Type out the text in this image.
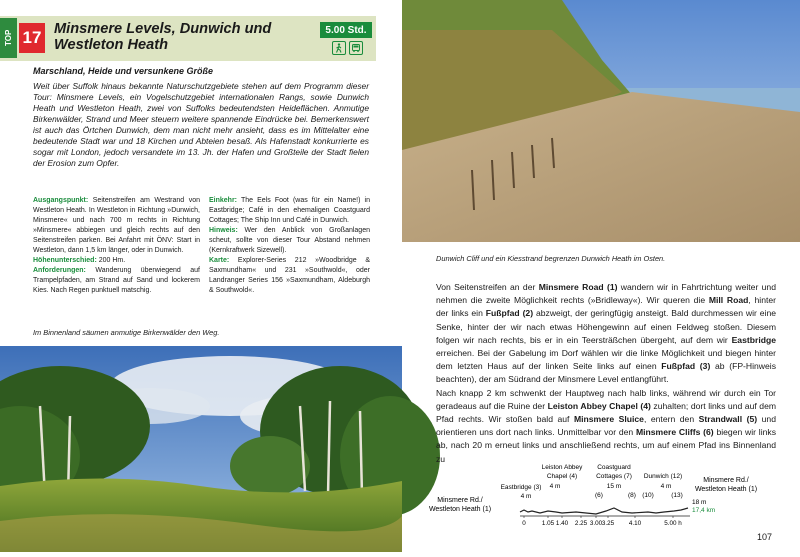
TOP 17 Minsmere Levels, Dunwich und Westleton Heath
5.00 Std.
Marschland, Heide und versunkene Größe
Weit über Suffolk hinaus bekannte Naturschutzgebiete stehen auf dem Programm dieser Tour: Minsmere Levels, ein Vogelschutzgebiet internationalen Rangs, sowie Dunwich Heath und Westleton Heath, zwei von Suffolks bedeutendsten Heideflächen. Anmutige Birkenwälder, Strand und Meer steuern weitere spannende Eindrücke bei. Bemerkenswert ist auch das Örtchen Dunwich, dem man nicht mehr ansieht, dass es im Mittelalter eine bedeutende Stadt war und 18 Kirchen und Abteien besaß. Als Hafenstadt konkurrierte es sogar mit London, jedoch versandete im 13. Jh. der Hafen und Großteile der Stadt fielen der Erosion zum Opfer.
Ausgangspunkt: Seitenstreifen am Westrand von Westleton Heath. In Westleton in Richtung »Dunwich, Minsmere« und nach 700 m rechts in Richtung »Minsmere« abbiegen und gleich rechts auf den Seitenstreifen parken. Bei Anfahrt mit ÖNV: Start in Westleton, dann 1,5 km länger, oder in Dunwich.
Höhenunterschied: 200 Hm.
Anforderungen: Wanderung überwiegend auf Trampelpfaden, am Strand auf Sand und lockerem Kies. Nach Regen punktuell matschig.
Einkehr: The Eels Foot (was für ein Name!) in Eastbridge; Café in den ehemaligen Coastguard Cottages; The Ship Inn und Café in Dunwich.
Hinweis: Wer den Anblick von Großanlagen scheut, sollte von dieser Tour Abstand nehmen (Kernkraftwerk Sizewell).
Karte: Explorer-Series 212 »Woodbridge & Saxmundham« und 231 »Southwold«, oder Landranger Series 156 »Saxmundham, Aldeburgh & Southwold«.
Im Binnenland säumen anmutige Birkenwälder den Weg.
Dunwich Cliff und ein Kiesstrand begrenzen Dunwich Heath im Osten.

Von Seitenstreifen an der Minsmere Road (1) wandern wir in Fahrtrichtung weiter und nehmen die zweite Möglichkeit rechts (»Bridleway«). Wir queren die Mill Road, hinter der links ein Fußpfad (2) abzweigt, der geringfügig ansteigt. Bald durchmessen wir eine Senke, hinter der wir nach etwas Höhengewinn auf einen Feldweg stoßen. Diesem folgen wir nach rechts, bis er in ein Teersträßchen übergeht, auf dem wir Eastbridge erreichen. Bei der Gabelung im Dorf wählen wir die linke Möglichkeit und biegen hinter dem letzten Haus auf der linken Seite links auf einen Fußpfad (3) ab (FP-Hinweis beachten), der am Südrand der Minsmere Level entlangführt.

Nach knapp 2 km schwenkt der Hauptweg nach halb links, während wir durch ein Tor geradeaus auf die Ruine der Leiston Abbey Chapel (4) zuhalten; dort links und auf dem Pfad rechts. Wir stoßen bald auf Minsmere Sluice, entern den Strandwall (5) und orientieren uns dort nach links. Unmittelbar vor den Minsmere Cliffs (6) biegen wir links ab, nach 20 m erneut links und anschließend rechts, um auf einem Pfad ins Binnenland zu

Minsmere Rd./
Westleton Heath (1)
Eastbridge (3)
4 m
Leiston Abbey
Chapel (4)
4 m
(6)
Coastguard
Cottages (7)
15 m
(8) (10)
Dunwich (12)
4 m
(13)
Minsmere Rd./
Westleton Heath (1)
18 m
17,4 km
0	1.05 1.40 2.25 3.00 3.25 4.10	5.00 h
107
